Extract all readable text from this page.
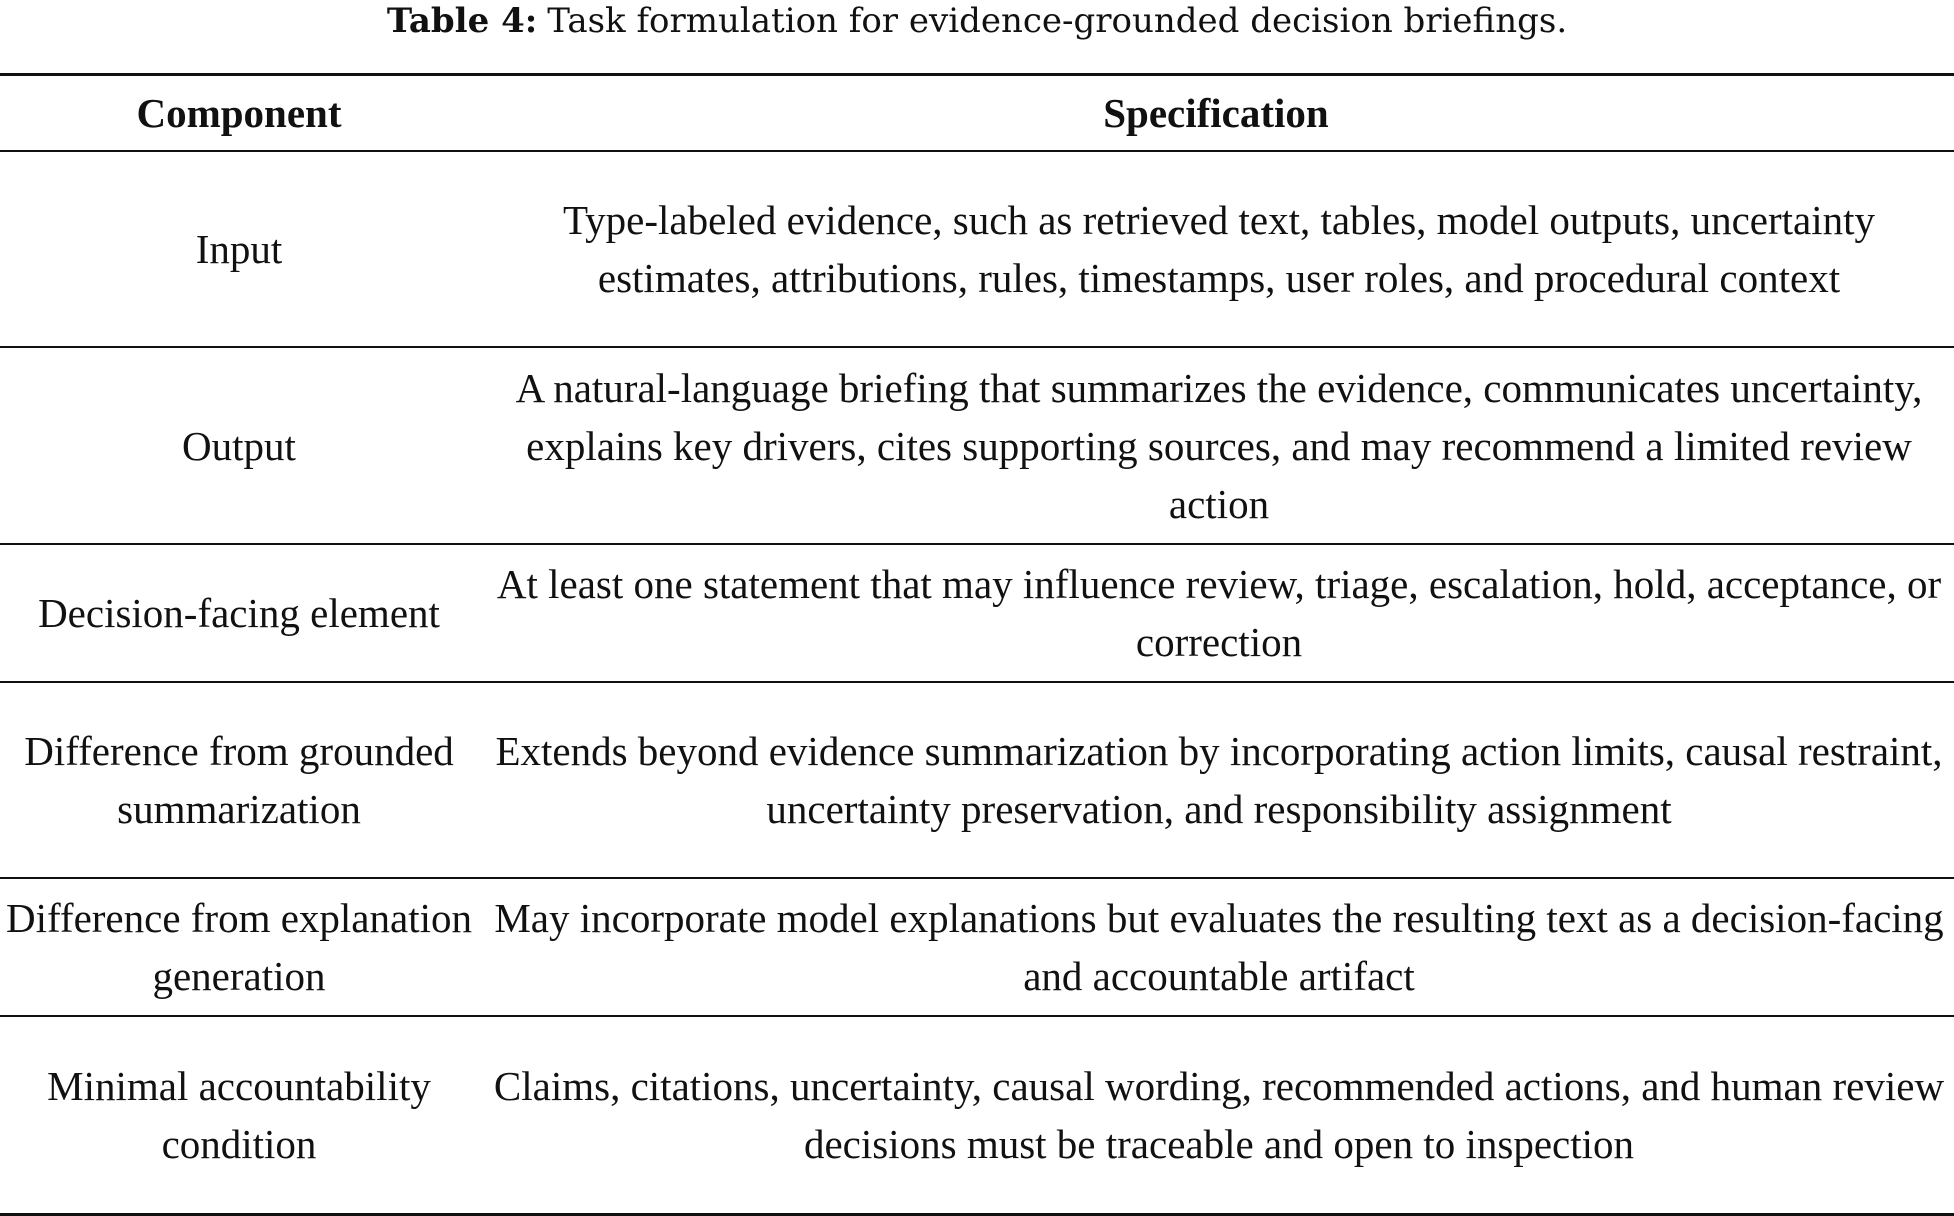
Table 4: Task formulation for evidence-grounded decision briefings.
Component	Specification

Input	Type-labeled evidence, such as retrieved text, tables, model outputs, uncertainty estimates, attributions, rules, timestamps, user roles, and procedural context

Output	A natural-language briefing that summarizes the evidence, communicates uncertainty, explains key drivers, cites supporting sources, and may recommend a limited review action

Decision-facing element	At least one statement that may influence review, triage, escalation, hold, acceptance, or correction

Difference from grounded summarization	Extends beyond evidence summarization by incorporating action limits, causal restraint, uncertainty preservation, and responsibility assignment

Difference from explanation generation	May incorporate model explanations but evaluates the resulting text as a decision-facing and accountable artifact

Minimal accountability condition	Claims, citations, uncertainty, causal wording, recommended actions, and human review decisions must be traceable and open to inspection
